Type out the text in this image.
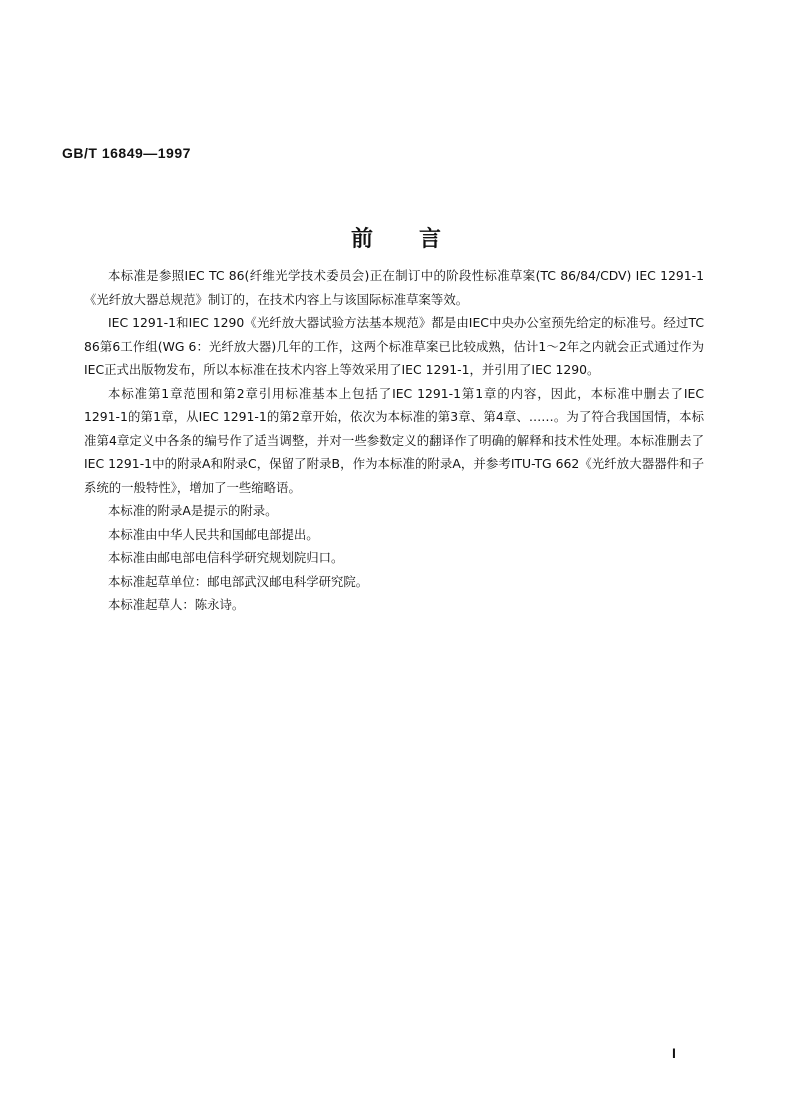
GB/T 16849—1997
前言

本标准是参照IEC TC 86(纤维光学技术委员会)正在制订中的阶段性标准草案(TC 86/84/CDV) IEC 1291-1《光纤放大器总规范》制订的，在技术内容上与该国际标准草案等效。

IEC 1291-1和IEC 1290《光纤放大器试验方法基本规范》都是由IEC中央办公室预先给定的标准号。经过TC 86第6工作组(WG 6：光纤放大器)几年的工作，这两个标准草案已比较成熟，估计1～2年之内就会正式通过作为IEC正式出版物发布，所以本标准在技术内容上等效采用了IEC 1291-1，并引用了IEC 1290。

本标准第1章范围和第2章引用标准基本上包括了IEC 1291-1第1章的内容，因此，本标准中删去了IEC 1291-1的第1章，从IEC 1291-1的第2章开始，依次为本标准的第3章、第4章、……。为了符合我国国情，本标准第4章定义中各条的编号作了适当调整，并对一些参数定义的翻译作了明确的解释和技术性处理。本标准删去了IEC 1291-1中的附录A和附录C，保留了附录B，作为本标准的附录A，并参考ITU-TG 662《光纤放大器器件和子系统的一般特性》，增加了一些缩略语。

本标准的附录A是提示的附录。

本标准由中华人民共和国邮电部提出。

本标准由邮电部电信科学研究规划院归口。

本标准起草单位：邮电部武汉邮电科学研究院。

本标准起草人：陈永诗。

I
